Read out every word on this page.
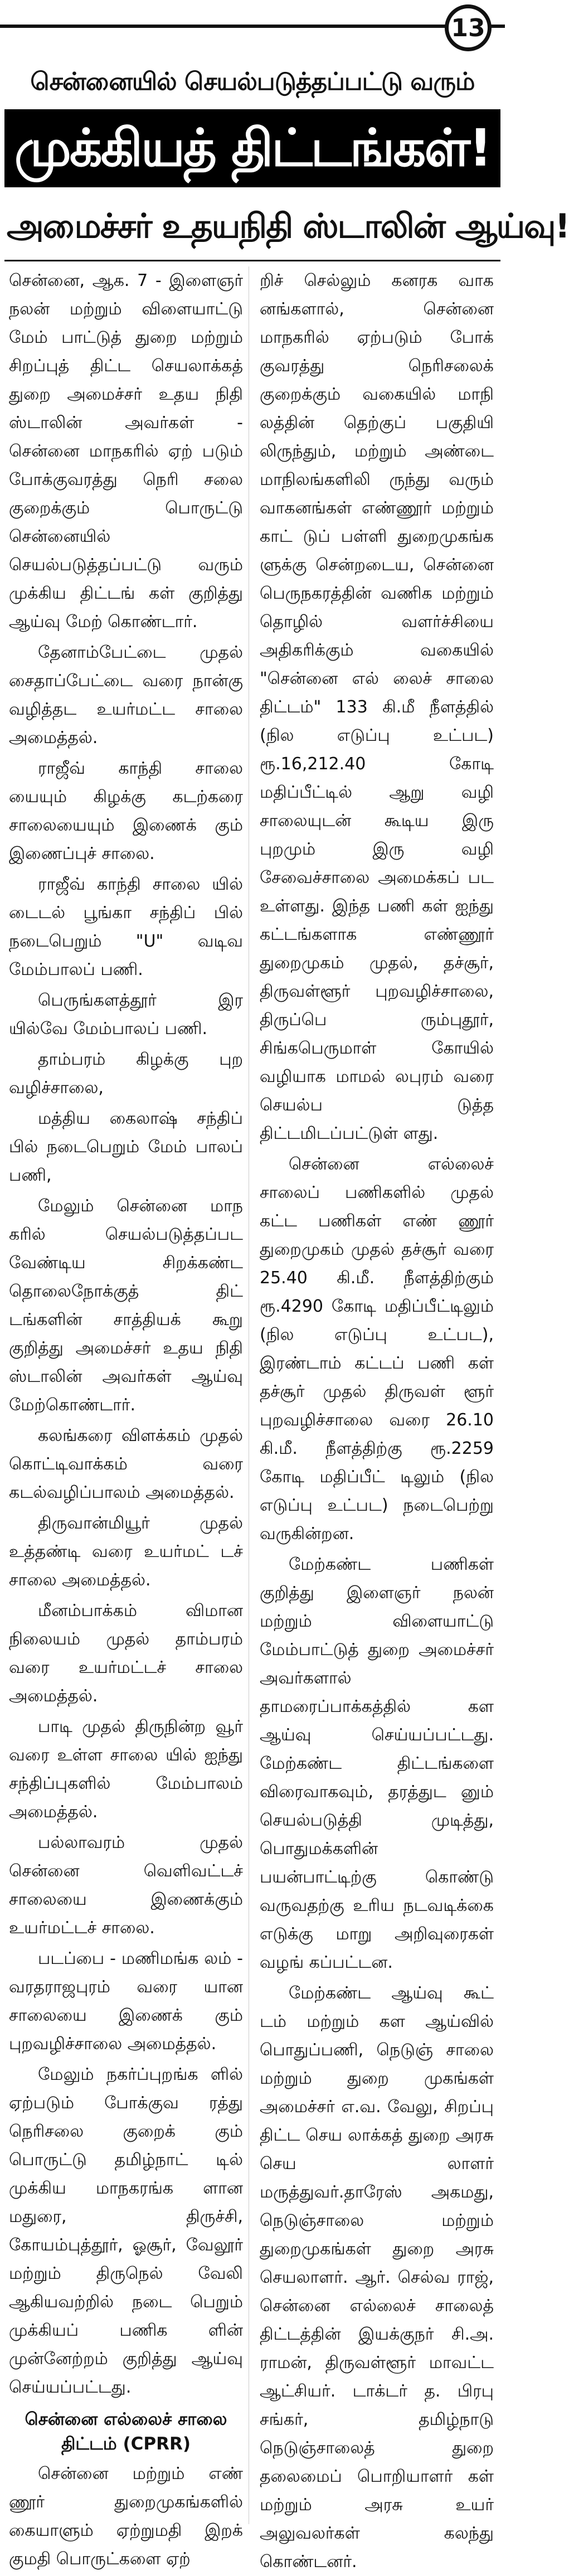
13
சென்னையில் செயல்படுத்தப்பட்டு வரும்
முக்கியத் திட்டங்கள்!
அமைச்சர் உதயநிதி ஸ்டாலின் ஆய்வு!

சென்னை, ஆக. 7 - இளைஞர் நலன் மற்றும் விளையாட்டு மேம் பாட்டுத் துறை மற்றும் சிறப்புத் திட்ட செயலாக்கத் துறை அமைச்சர் உதய நிதி ஸ்டாலின் அவர்கள் - சென்னை மாநகரில் ஏற் படும் போக்குவரத்து நெரி சலை குறைக்கும் பொருட்டு சென்னையில் செயல்படுத்தப்பட்டு வரும் முக்கிய திட்டங் கள் குறித்து ஆய்வு மேற் கொண்டார்.

தேனாம்பேட்டை முதல் சைதாப்பேட்டை வரை நான்கு வழித்தட உயர்மட்ட சாலை அமைத்தல்.

ராஜீவ் காந்தி சாலை யையும் கிழக்கு கடற்கரை சாலையையும் இணைக் கும் இணைப்புச் சாலை.

ராஜீவ் காந்தி சாலை யில் டைடல் பூங்கா சந்திப் பில் நடைபெறும் "U" வடிவ மேம்பாலப் பணி.

பெருங்களத்தூர் இர யில்வே மேம்பாலப் பணி.

தாம்பரம் கிழக்கு புற வழிச்சாலை,

மத்திய கைலாஷ் சந்திப் பில் நடைபெறும் மேம் பாலப் பணி,

மேலும் சென்னை மாந கரில் செயல்படுத்தப்பட வேண்டிய சிறக்கண்ட தொலைநோக்குத் திட் டங்களின் சாத்தியக் கூறு குறித்து அமைச்சர் உதய நிதி ஸ்டாலின் அவர்கள் ஆய்வு மேற்கொண்டார்.

கலங்கரை விளக்கம் முதல் கொட்டிவாக்கம் வரை கடல்வழிப்பாலம் அமைத்தல்.

திருவான்மியூர் முதல் உத்தண்டி வரை உயர்மட் டச் சாலை அமைத்தல்.

மீனம்பாக்கம் விமான நிலையம் முதல் தாம்பரம் வரை உயர்மட்டச் சாலை அமைத்தல்.

பாடி முதல் திருநின்ற வூர் வரை உள்ள சாலை யில் ஐந்து சந்திப்புகளில் மேம்பாலம் அமைத்தல்.

பல்லாவரம் முதல் சென்னை வெளிவட்டச் சாலையை இணைக்கும் உயர்மட்டச் சாலை.

படப்பை - மணிமங்க லம் - வரதராஜபுரம் வரை யான சாலையை இணைக் கும் புறவழிச்சாலை அமைத்தல்.

மேலும் நகர்ப்புறங்க ளில் ஏற்படும் போக்குவ ரத்து நெரிசலை குறைக் கும் பொருட்டு தமிழ்நாட் டில் முக்கிய மாநகரங்க ளான மதுரை, திருச்சி, கோயம்புத்தூர், ஓசூர், வேலூர் மற்றும் திருநெல் வேலி ஆகியவற்றில் நடை பெறும் முக்கியப் பணிக ளின் முன்னேற்றம் குறித்து ஆய்வு செய்யப்பட்டது.

சென்னை எல்லைச் சாலை திட்டம் (CPRR)

சென்னை மற்றும் எண் ணூர் துறைமுகங்களில் கையாளும் ஏற்றுமதி இறக் குமதி பொருட்களை ஏற்

றிச் செல்லும் கனரக வாக னங்களால், சென்னை மாநகரில் ஏற்படும் போக் குவரத்து நெரிசலைக் குறைக்கும் வகையில் மாநி லத்தின் தெற்குப் பகுதியி லிருந்தும், மற்றும் அண்டை மாநிலங்களிலி ருந்து வரும் வாகனங்கள் எண்ணூர் மற்றும் காட் டுப் பள்ளி துறைமுகங்க ளுக்கு சென்றடைய, சென்னை பெருநகரத்தின் வணிக மற்றும் தொழில் வளர்ச்சியை அதிகரிக்கும் வகையில் "சென்னை எல் லைச் சாலை திட்டம்" 133 கி.மீ நீளத்தில் (நில எடுப்பு உட்பட) ரூ.16,212.40 கோடி மதிப்பீட்டில் ஆறு வழி சாலையுடன் கூடிய இரு புறமும் இரு வழி சேவைச்சாலை அமைக்கப் பட உள்ளது. இந்த பணி கள் ஐந்து கட்டங்களாக எண்ணூர் துறைமுகம் முதல், தச்சூர், திருவள்ளூர் புறவழிச்சாலை, திருப்பெ ரும்புதூர், சிங்கபெருமாள் கோயில் வழியாக மாமல் லபுரம் வரை செயல்ப டுத்த திட்டமிடப்பட்டுள் ளது.

சென்னை எல்லைச் சாலைப் பணிகளில் முதல் கட்ட பணிகள் எண் ணூர் துறைமுகம் முதல் தச்சூர் வரை 25.40 கி.மீ. நீளத்திற்கும் ரூ.4290 கோடி மதிப்பீட்டிலும் (நில எடுப்பு உட்பட), இரண்டாம் கட்டப் பணி கள் தச்சூர் முதல் திருவள் ளூர் புறவழிச்சாலை வரை 26.10 கி.மீ. நீளத்திற்கு ரூ.2259 கோடி மதிப்பீட் டிலும் (நில எடுப்பு உட்பட) நடைபெற்று வருகின்றன.

மேற்கண்ட பணிகள் குறித்து இளைஞர் நலன் மற்றும் விளையாட்டு மேம்பாட்டுத் துறை அமைச்சர் அவர்களால் தாமரைப்பாக்கத்தில் கள ஆய்வு செய்யப்பட்டது. மேற்கண்ட திட்டங்களை விரைவாகவும், தரத்துட னும் செயல்படுத்தி முடித்து, பொதுமக்களின் பயன்பாட்டிற்கு கொண்டு வருவதற்கு உரிய நடவடிக்கை எடுக்கு மாறு அறிவுரைகள் வழங் கப்பட்டன.

மேற்கண்ட ஆய்வு கூட் டம் மற்றும் கள ஆய்வில் பொதுப்பணி, நெடுஞ் சாலை மற்றும் துறை முகங்கள் அமைச்சர் எ.வ. வேலு, சிறப்பு திட்ட செய லாக்கத் துறை அரசு செய லாளர் மருத்துவர்.தாரேஸ் அகமது, நெடுஞ்சாலை மற்றும் துறைமுகங்கள் துறை அரசு செயலாளர். ஆர். செல்வ ராஜ், சென்னை எல்லைச் சாலைத் திட்டத்தின் இயக்குநர் சி.அ. ராமன், திருவள்ளூர் மாவட்ட ஆட்சியர். டாக்டர் த. பிரபு சங்கர், தமிழ்நாடு நெடுஞ்சாலைத் துறை தலைமைப் பொறியாளர் கள் மற்றும் அரசு உயர் அலுவலர்கள் கலந்து கொண்டனர்.
